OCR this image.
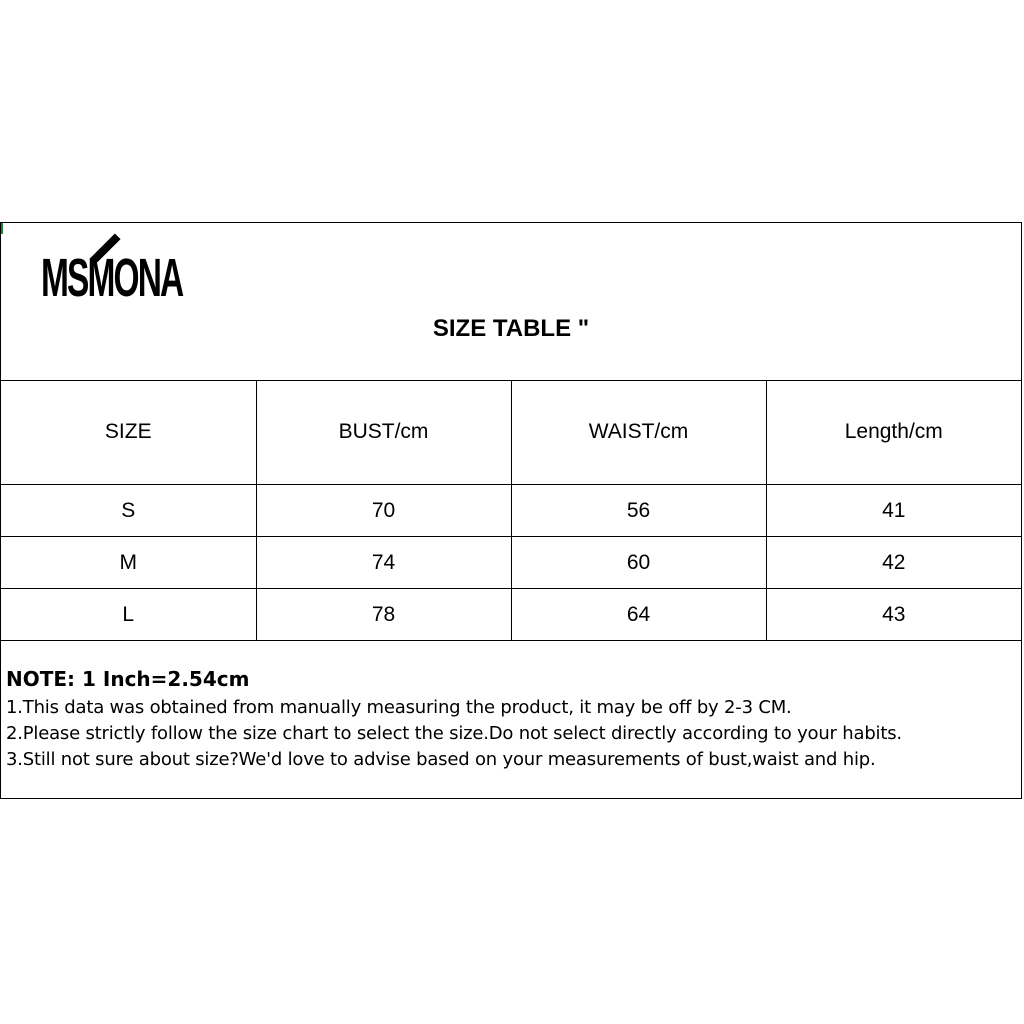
MSMONA
SIZE TABLE "
SIZE	BUST/cm	WAIST/cm	Length/cm
S	70	56	41
M	74	60	42
L	78	64	43

NOTE: 1 Inch=2.54cm

1.This data was obtained from manually measuring the product, it may be off by 2-3 CM.

2.Please strictly follow the size chart to select the size.Do not select directly according to your habits.

3.Still not sure about size?We'd love to advise based on your measurements of bust,waist and hip.
